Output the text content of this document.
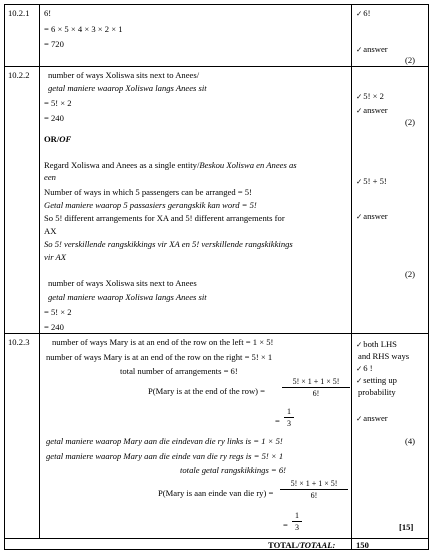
10.2.1 6!
= 6 × 5 × 4 × 3 × 2 × 1
= 720
✓ 6!
✓ answer
(2)
10.2.2 number of ways Xoliswa sits next to Anees/
getal maniere waarop Xoliswa langs Anees sit
= 5! × 2
= 240
OR/OF
Regard Xoliswa and Anees as a single entity/Beskou Xoliswa en Anees as
een
Number of ways in which 5 passengers can be arranged = 5!
Getal maniere waarop 5 passasiers gerangskik kan word = 5!
So 5! different arrangements for XA and 5! different arrangements for
AX
So 5! verskillende rangskikkings vir XA en 5! verskillende rangskikkings
vir AX
number of ways Xoliswa sits next to Anees
getal maniere waarop Xoliswa langs Anees sit
= 5! × 2
= 240
✓ 5! × 2
✓ answer
(2)
✓ 5! + 5!
✓ answer
(2)
10.2.3	number of ways Mary is at an end of the row on the left = 1 × 5!
number of ways Mary is at an end of the row on the right = 5! × 1
total number of arrangements = 6!
P(Mary is at the end of the $row) = \frac{5! \times 1 + 1 \times 5!}{6!}$
= $\frac{1}{3}$
getal maniere waarop Mary aan die eindevan die ry links is = 1 × 5!
getal maniere waarop Mary aan die einde van die ry regs is = 5! × 1
totale getal rangskikkings = 6!
P(Mary is aan einde van die $ry) = \frac{5! \times 1 + 1 \times 5!}{6!}$
= $\frac{1}{3}$
✓ both LHS
and RHS ways
✓ 6 !
✓ setting up
probability
✓ answer
(4)
[15]
TOTAL/TOTAAL: 150
